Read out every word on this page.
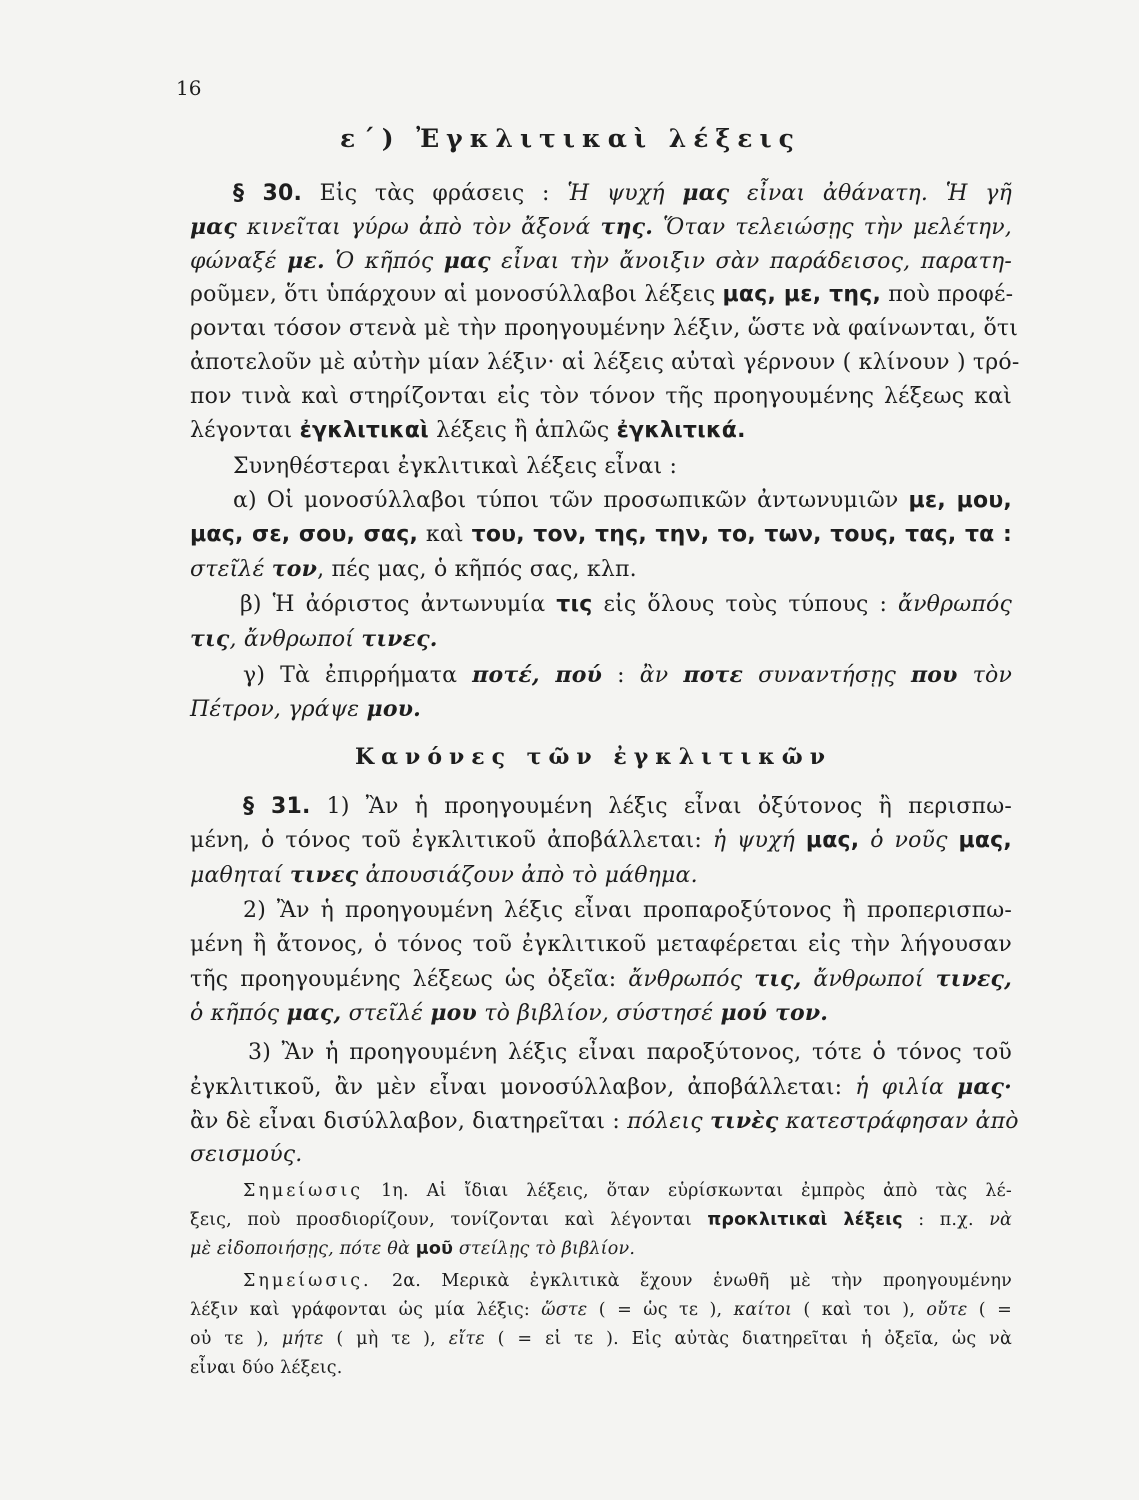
16
ε΄) Ἐγκλιτικαὶ λέξεις
§ 30. Εἰς τὰς φράσεις : Ἡ ψυχή μας εἶναι ἀθάνατη. Ἡ γῆ
μας κινεῖται γύρω ἀπὸ τὸν ἄξονά της. Ὅταν τελειώσῃς τὴν μελέτην,
φώναξέ με. Ὁ κῆπός μας εἶναι τὴν ἄνοιξιν σὰν παράδεισος, παρατη-
ροῦμεν, ὅτι ὑπάρχουν αἱ μονοσύλλαβοι λέξεις μας, με, της, ποὺ προφέ-
ρονται τόσον στενὰ μὲ τὴν προηγουμένην λέξιν, ὥστε νὰ φαίνωνται, ὅτι
ἀποτελοῦν μὲ αὐτὴν μίαν λέξιν· αἱ λέξεις αὐταὶ γέρνουν ( κλίνουν ) τρό-
πον τινὰ καὶ στηρίζονται εἰς τὸν τόνον τῆς προηγουμένης λέξεως καὶ
λέγονται ἐγκλιτικαὶ λέξεις ἢ ἁπλῶς ἐγκλιτικά.
Συνηθέστεραι ἐγκλιτικαὶ λέξεις εἶναι :
α) Οἱ μονοσύλλαβοι τύποι τῶν προσωπικῶν ἀντωνυμιῶν με, μου,
μας, σε, σου, σας, καὶ του, τον, της, την, το, των, τους, τας, τα :
στεῖλέ τον, πές μας, ὁ κῆπός σας, κλπ.
β) Ἡ ἀόριστος ἀντωνυμία τις εἰς ὅλους τοὺς τύπους : ἄνθρωπός
τις, ἄνθρωποί τινες.
γ) Τὰ ἐπιρρήματα ποτέ, πού : ἂν ποτε συναντήσῃς που τὸν
Πέτρον, γράψε μου.
Κανόνες τῶν ἐγκλιτικῶν
§ 31. 1) Ἂν ἡ προηγουμένη λέξις εἶναι ὀξύτονος ἢ περισπω-
μένη, ὁ τόνος τοῦ ἐγκλιτικοῦ ἀποβάλλεται: ἡ ψυχή μας, ὁ νοῦς μας,
μαθηταί τινες ἀπουσιάζουν ἀπὸ τὸ μάθημα.
2) Ἂν ἡ προηγουμένη λέξις εἶναι προπαροξύτονος ἢ προπερισπω-
μένη ἢ ἄτονος, ὁ τόνος τοῦ ἐγκλιτικοῦ μεταφέρεται εἰς τὴν λήγουσαν
τῆς προηγουμένης λέξεως ὡς ὀξεῖα: ἄνθρωπός τις, ἄνθρωποί τινες,
ὁ κῆπός μας, στεῖλέ μου τὸ βιβλίον, σύστησέ μού τον.
3) Ἂν ἡ προηγουμένη λέξις εἶναι παροξύτονος, τότε ὁ τόνος τοῦ
ἐγκλιτικοῦ, ἂν μὲν εἶναι μονοσύλλαβον, ἀποβάλλεται: ἡ φιλία μας·
ἂν δὲ εἶναι δισύλλαβον, διατηρεῖται : πόλεις τινὲς κατεστράφησαν ἀπὸ
σεισμούς.
Σημείωσις 1η. Αἱ ἴδιαι λέξεις, ὅταν εὑρίσκωνται ἐμπρὸς ἀπὸ τὰς λέ-
ξεις, ποὺ προσδιορίζουν, τονίζονται καὶ λέγονται προκλιτικαὶ λέξεις : π.χ. νὰ
μὲ εἰδοποιήσῃς, πότε θὰ μοῦ στείλῃς τὸ βιβλίον.
Σημείωσις. 2α. Μερικὰ ἐγκλιτικὰ ἔχουν ἑνωθῆ μὲ τὴν προηγουμένην
λέξιν καὶ γράφονται ὡς μία λέξις: ὥστε ( = ὡς τε ), καίτοι ( καὶ τοι ), οὔτε ( =
οὐ τε ), μήτε ( μὴ τε ), εἴτε ( = εἰ τε ). Εἰς αὐτὰς διατηρεῖται ἡ ὀξεῖα, ὡς νὰ
εἶναι δύο λέξεις.
